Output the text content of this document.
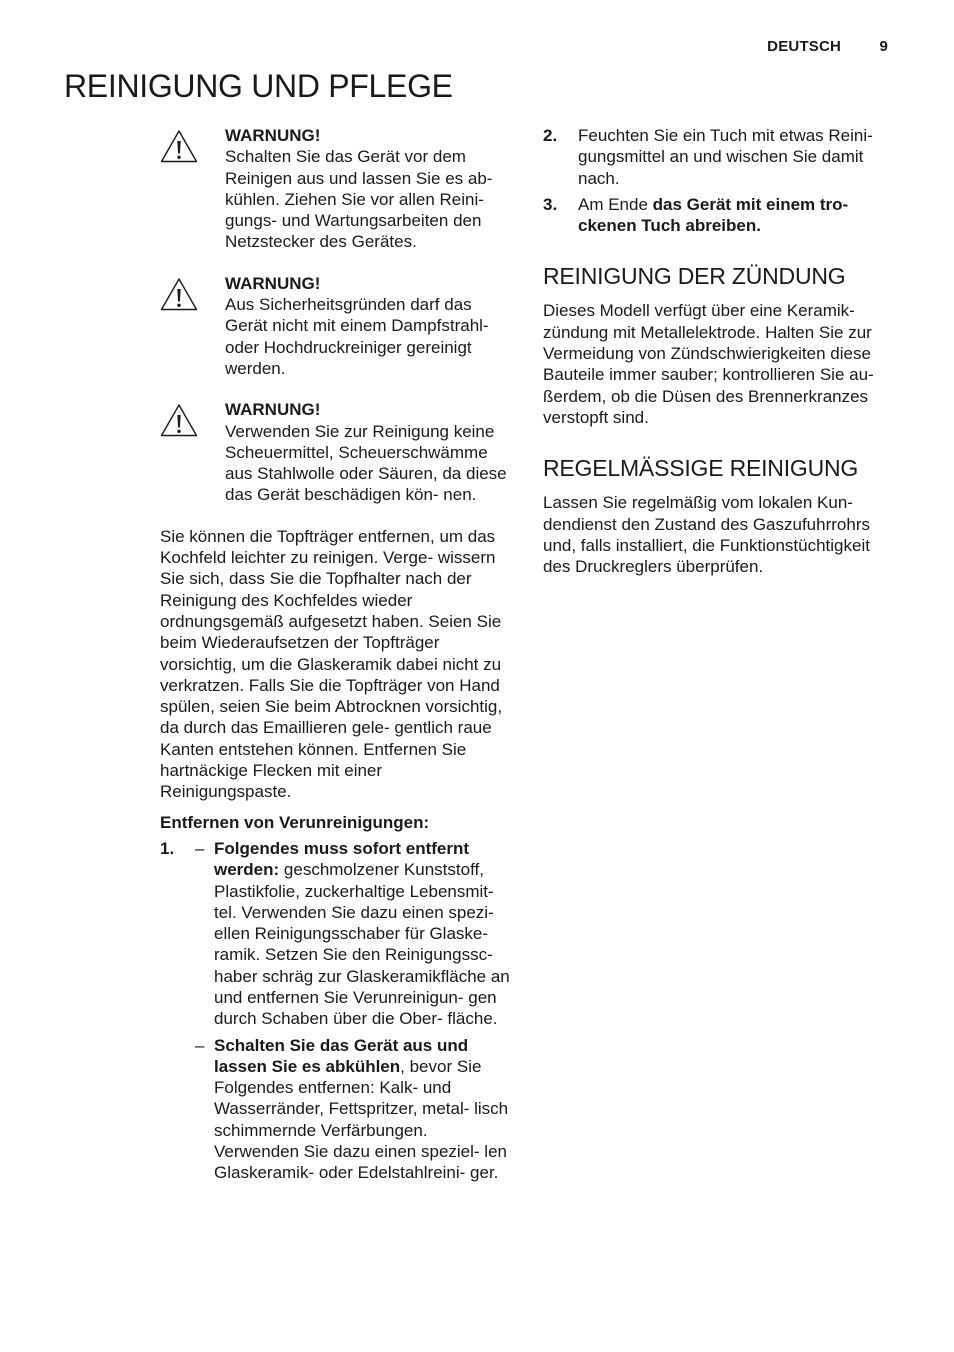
DEUTSCH	9
REINIGUNG UND PFLEGE
WARNUNG!
Schalten Sie das Gerät vor dem Reinigen aus und lassen Sie es ab- kühlen. Ziehen Sie vor allen Reini- gungs- und Wartungsarbeiten den Netzstecker des Gerätes.
WARNUNG!
Aus Sicherheitsgründen darf das Gerät nicht mit einem Dampfstrahl- oder Hochdruckreiniger gereinigt werden.
WARNUNG!
Verwenden Sie zur Reinigung keine Scheuermittel, Scheuerschwämme aus Stahlwolle oder Säuren, da diese das Gerät beschädigen kön- nen.

Sie können die Topfträger entfernen, um das Kochfeld leichter zu reinigen. Verge- wissern Sie sich, dass Sie die Topfhalter nach der Reinigung des Kochfeldes wieder ordnungsgemäß aufgesetzt haben. Seien Sie beim Wiederaufsetzen der Topfträger vorsichtig, um die Glaskeramik dabei nicht zu verkratzen. Falls Sie die Topfträger von Hand spülen, seien Sie beim Abtrocknen vorsichtig, da durch das Emaillieren gele- gentlich raue Kanten entstehen können. Entfernen Sie hartnäckige Flecken mit einer Reinigungspaste.

Entfernen von Verunreinigungen:

1. – Folgendes muss sofort entfernt werden: geschmolzener Kunststoff, Plastikfolie, zuckerhaltige Lebensmit- tel. Verwenden Sie dazu einen spezi- ellen Reinigungsschaber für Glaske- ramik. Setzen Sie den Reinigungssc- haber schräg zur Glaskeramikfläche an und entfernen Sie Verunreinigun- gen durch Schaben über die Ober- fläche.
– Schalten Sie das Gerät aus und lassen Sie es abkühlen, bevor Sie Folgendes entfernen: Kalk- und Wasserränder, Fettspritzer, metal- lisch schimmernde Verfärbungen. Verwenden Sie dazu einen speziel- len Glaskeramik- oder Edelstahlreini- ger.
2. Feuchten Sie ein Tuch mit etwas Reini- gungsmittel an und wischen Sie damit nach.
3. Am Ende das Gerät mit einem tro- ckenen Tuch abreiben.
REINIGUNG DER ZÜNDUNG

Dieses Modell verfügt über eine Keramik- zündung mit Metallelektrode. Halten Sie zur Vermeidung von Zündschwierigkeiten diese Bauteile immer sauber; kontrollieren Sie au- ßerdem, ob die Düsen des Brennerkranzes verstopft sind.

REGELMÄSSIGE REINIGUNG

Lassen Sie regelmäßig vom lokalen Kun- dendienst den Zustand des Gaszufuhrrohrs und, falls installiert, die Funktionstüchtigkeit des Druckreglers überprüfen.
